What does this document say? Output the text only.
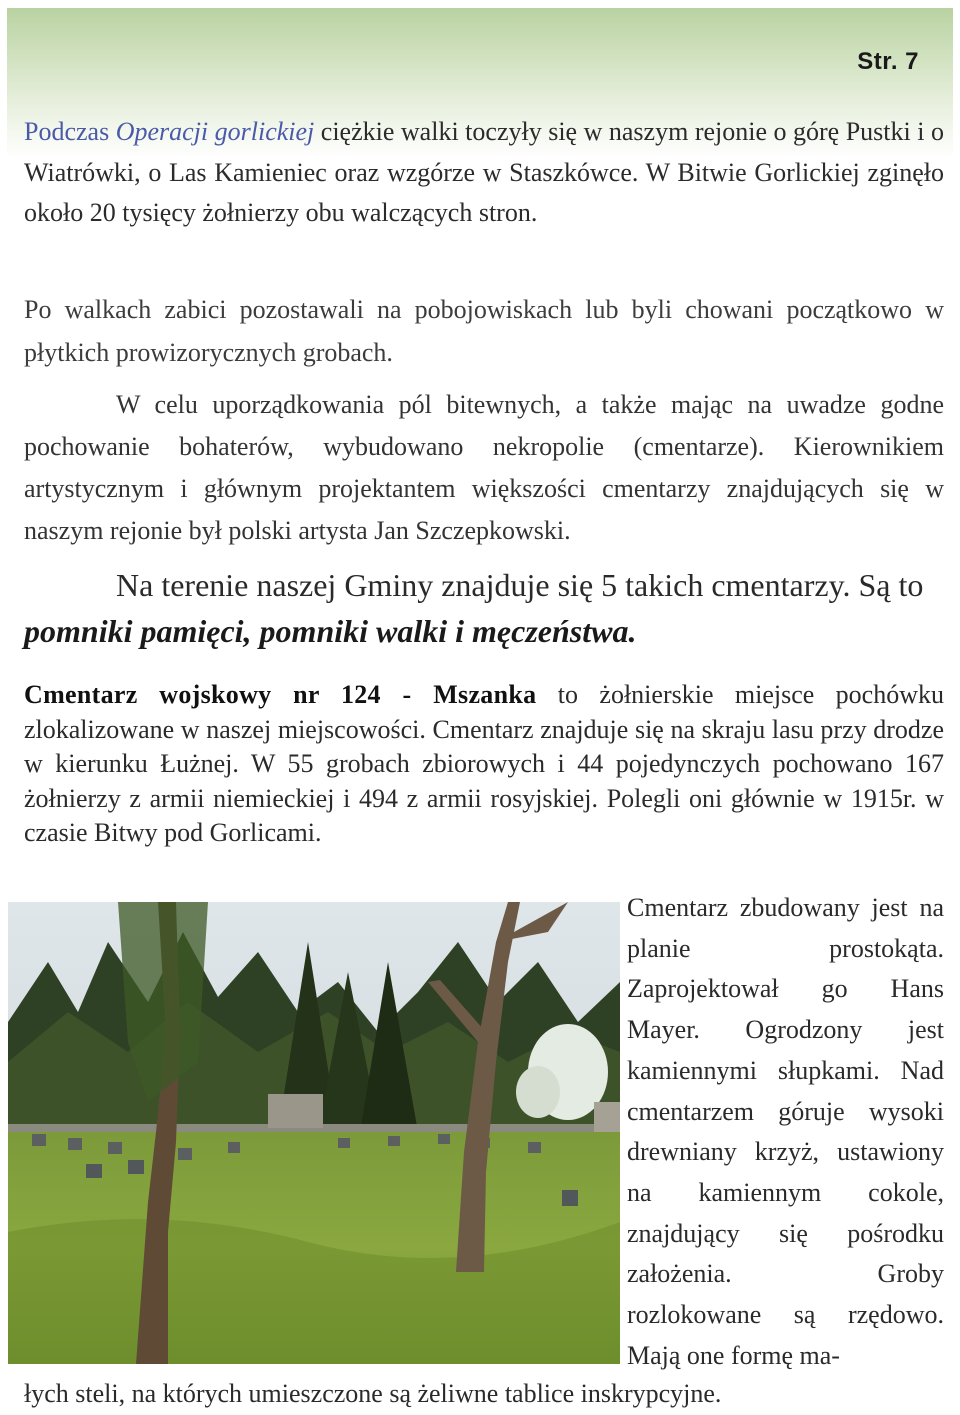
Str. 7

Podczas Operacji gorlickiej ciężkie walki toczyły się w naszym rejonie o górę Pustki i o Wiatrówki, o Las Kamieniec oraz wzgórze w Staszkówce. W Bitwie Gorlickiej zginęło około 20 tysięcy żołnierzy obu walczących stron.

Po walkach zabici pozostawali na pobojowiskach lub byli chowani początkowo w płytkich prowizorycznych grobach.

W celu uporządkowania pól bitewnych, a także mając na uwadze godne pochowanie bohaterów, wybudowano nekropolie (cmentarze). Kierownikiem artystycznym i głównym projektantem większości cmentarzy znajdujących się w naszym rejonie był polski artysta Jan Szczepkowski.

Na terenie naszej Gminy znajduje się 5 takich cmentarzy. Są to pomniki pamięci, pomniki walki i męczeństwa.

Cmentarz wojskowy nr 124 - Mszanka to żołnierskie miejsce pochówku zlokalizowane w naszej miejscowości. Cmentarz znajduje się na skraju lasu przy drodze w kierunku Łużnej. W 55 grobach zbiorowych i 44 pojedynczych pochowano 167 żołnierzy z armii niemieckiej i 494 z armii rosyjskiej. Polegli oni głównie w 1915r. w czasie Bitwy pod Gorlicami.

Cmentarz zbudowany jest na planie prostokąta. Zaprojektował go Hans Mayer. Ogrodzony jest kamiennymi słupkami. Nad cmentarzem góruje wysoki drewniany krzyż, ustawiony na kamiennym cokole, znajdujący się pośrodku założenia. Groby rozlokowane są rzędowo. Mają one formę ma-

łych steli, na których umieszczone są żeliwne tablice inskrypcyjne.
